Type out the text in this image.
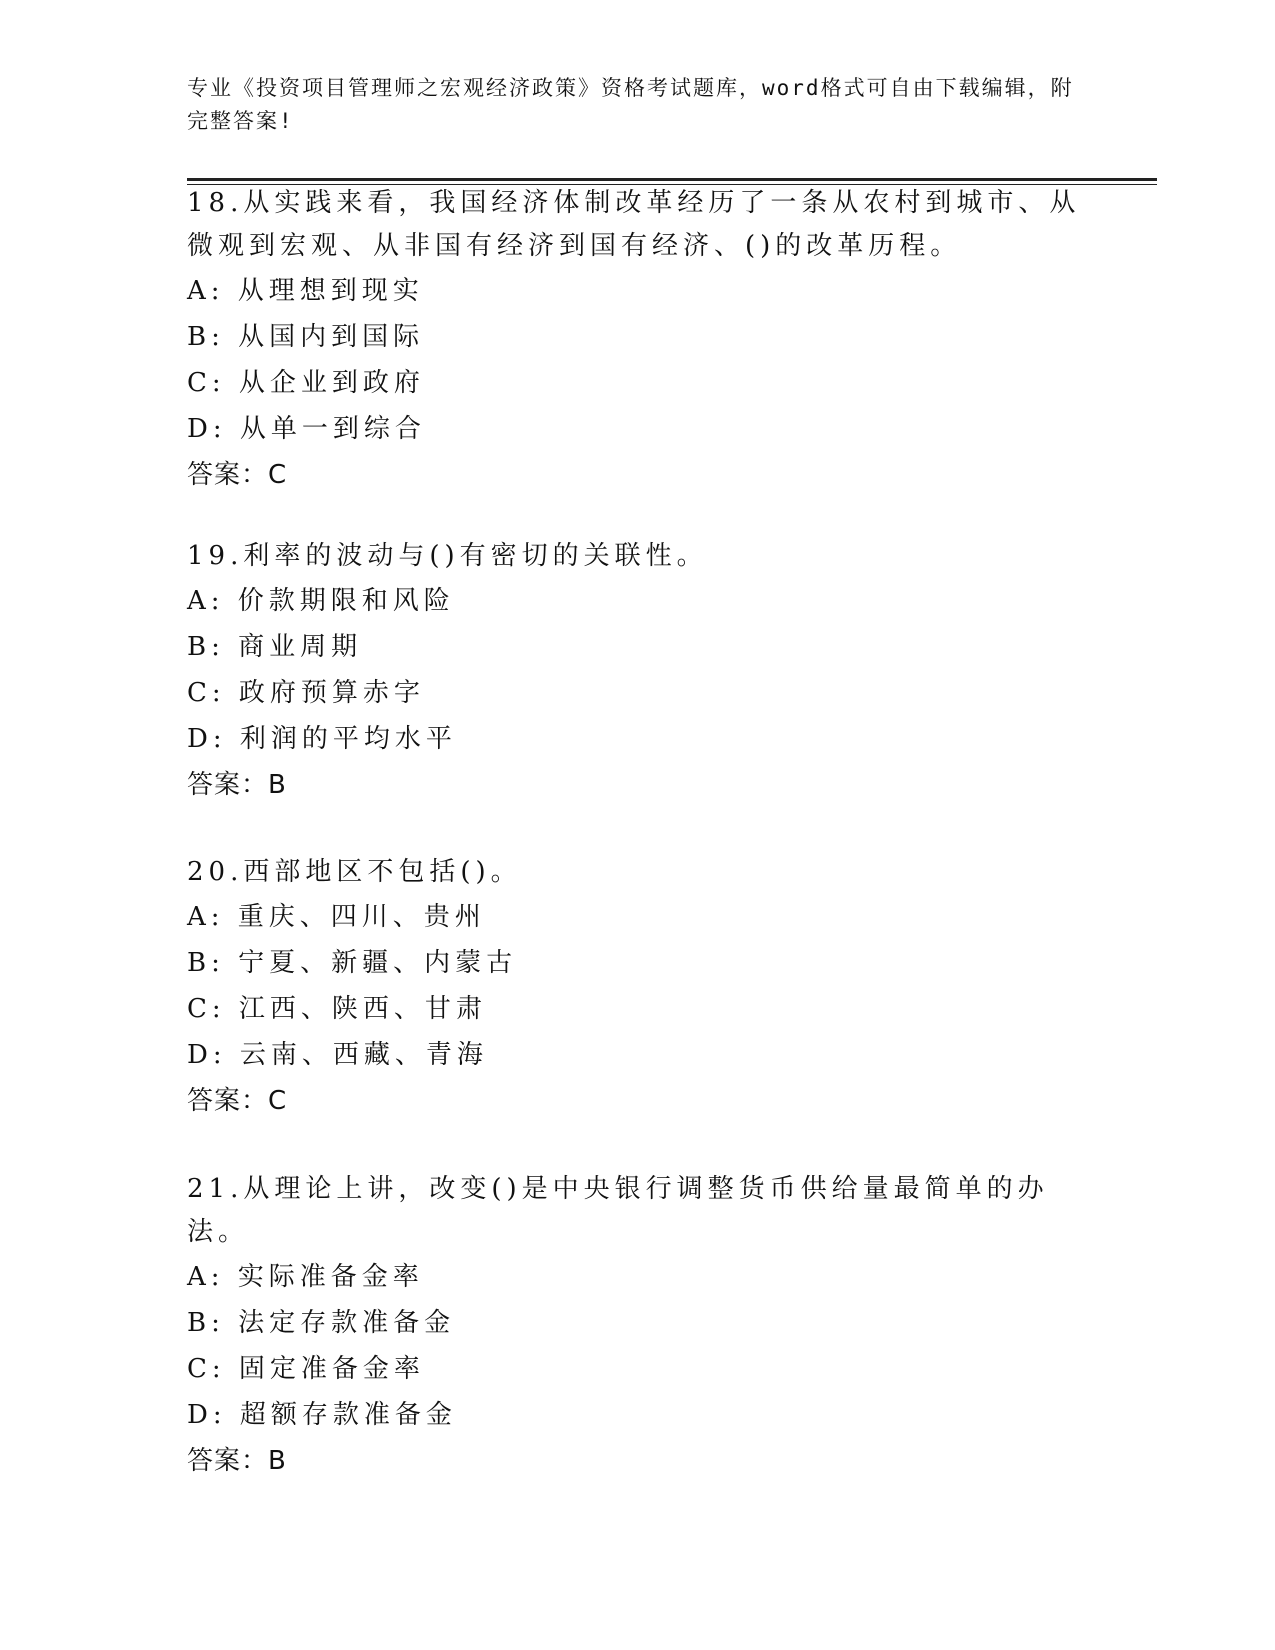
专业《投资项目管理师之宏观经济政策》资格考试题库，word格式可自由下载编辑，附完整答案!

18.从实践来看，我国经济体制改革经历了一条从农村到城市、从微观到宏观、从非国有经济到国有经济、()的改革历程。

A: 从理想到现实

B: 从国内到国际

C: 从企业到政府

D: 从单一到综合

答案：C

19.利率的波动与()有密切的关联性。

A: 价款期限和风险

B: 商业周期

C: 政府预算赤字

D: 利润的平均水平

答案：B

20.西部地区不包括()。

A: 重庆、四川、贵州

B: 宁夏、新疆、内蒙古

C: 江西、陕西、甘肃

D: 云南、西藏、青海

答案：C

21.从理论上讲，改变()是中央银行调整货币供给量最简单的办法。

A: 实际准备金率

B: 法定存款准备金

C: 固定准备金率

D: 超额存款准备金

答案：B
